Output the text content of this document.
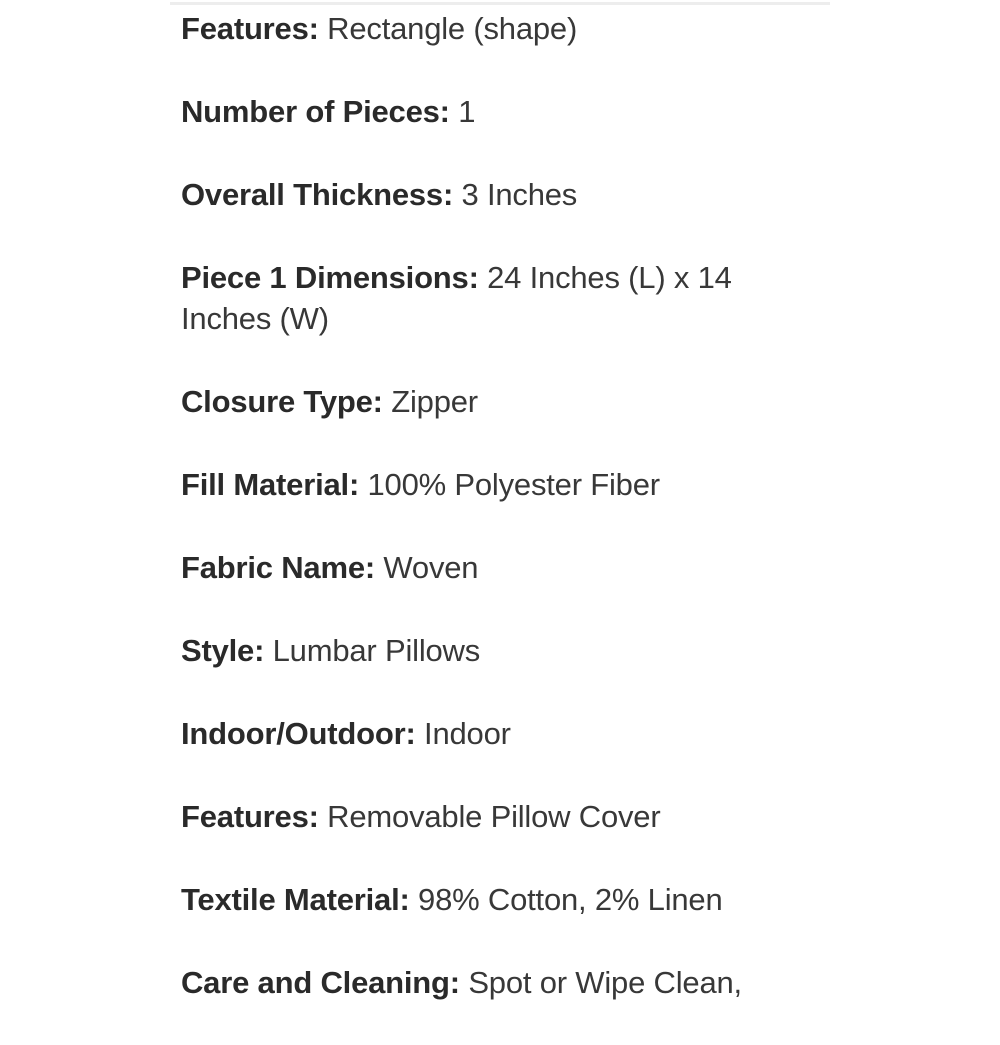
Features: Rectangle (shape)
Number of Pieces: 1
Overall Thickness: 3 Inches
Piece 1 Dimensions: 24 Inches (L) x 14 Inches (W)
Closure Type: Zipper
Fill Material: 100% Polyester Fiber
Fabric Name: Woven
Style: Lumbar Pillows
Indoor/Outdoor: Indoor
Features: Removable Pillow Cover
Textile Material: 98% Cotton, 2% Linen
Care and Cleaning: Spot or Wipe Clean,
